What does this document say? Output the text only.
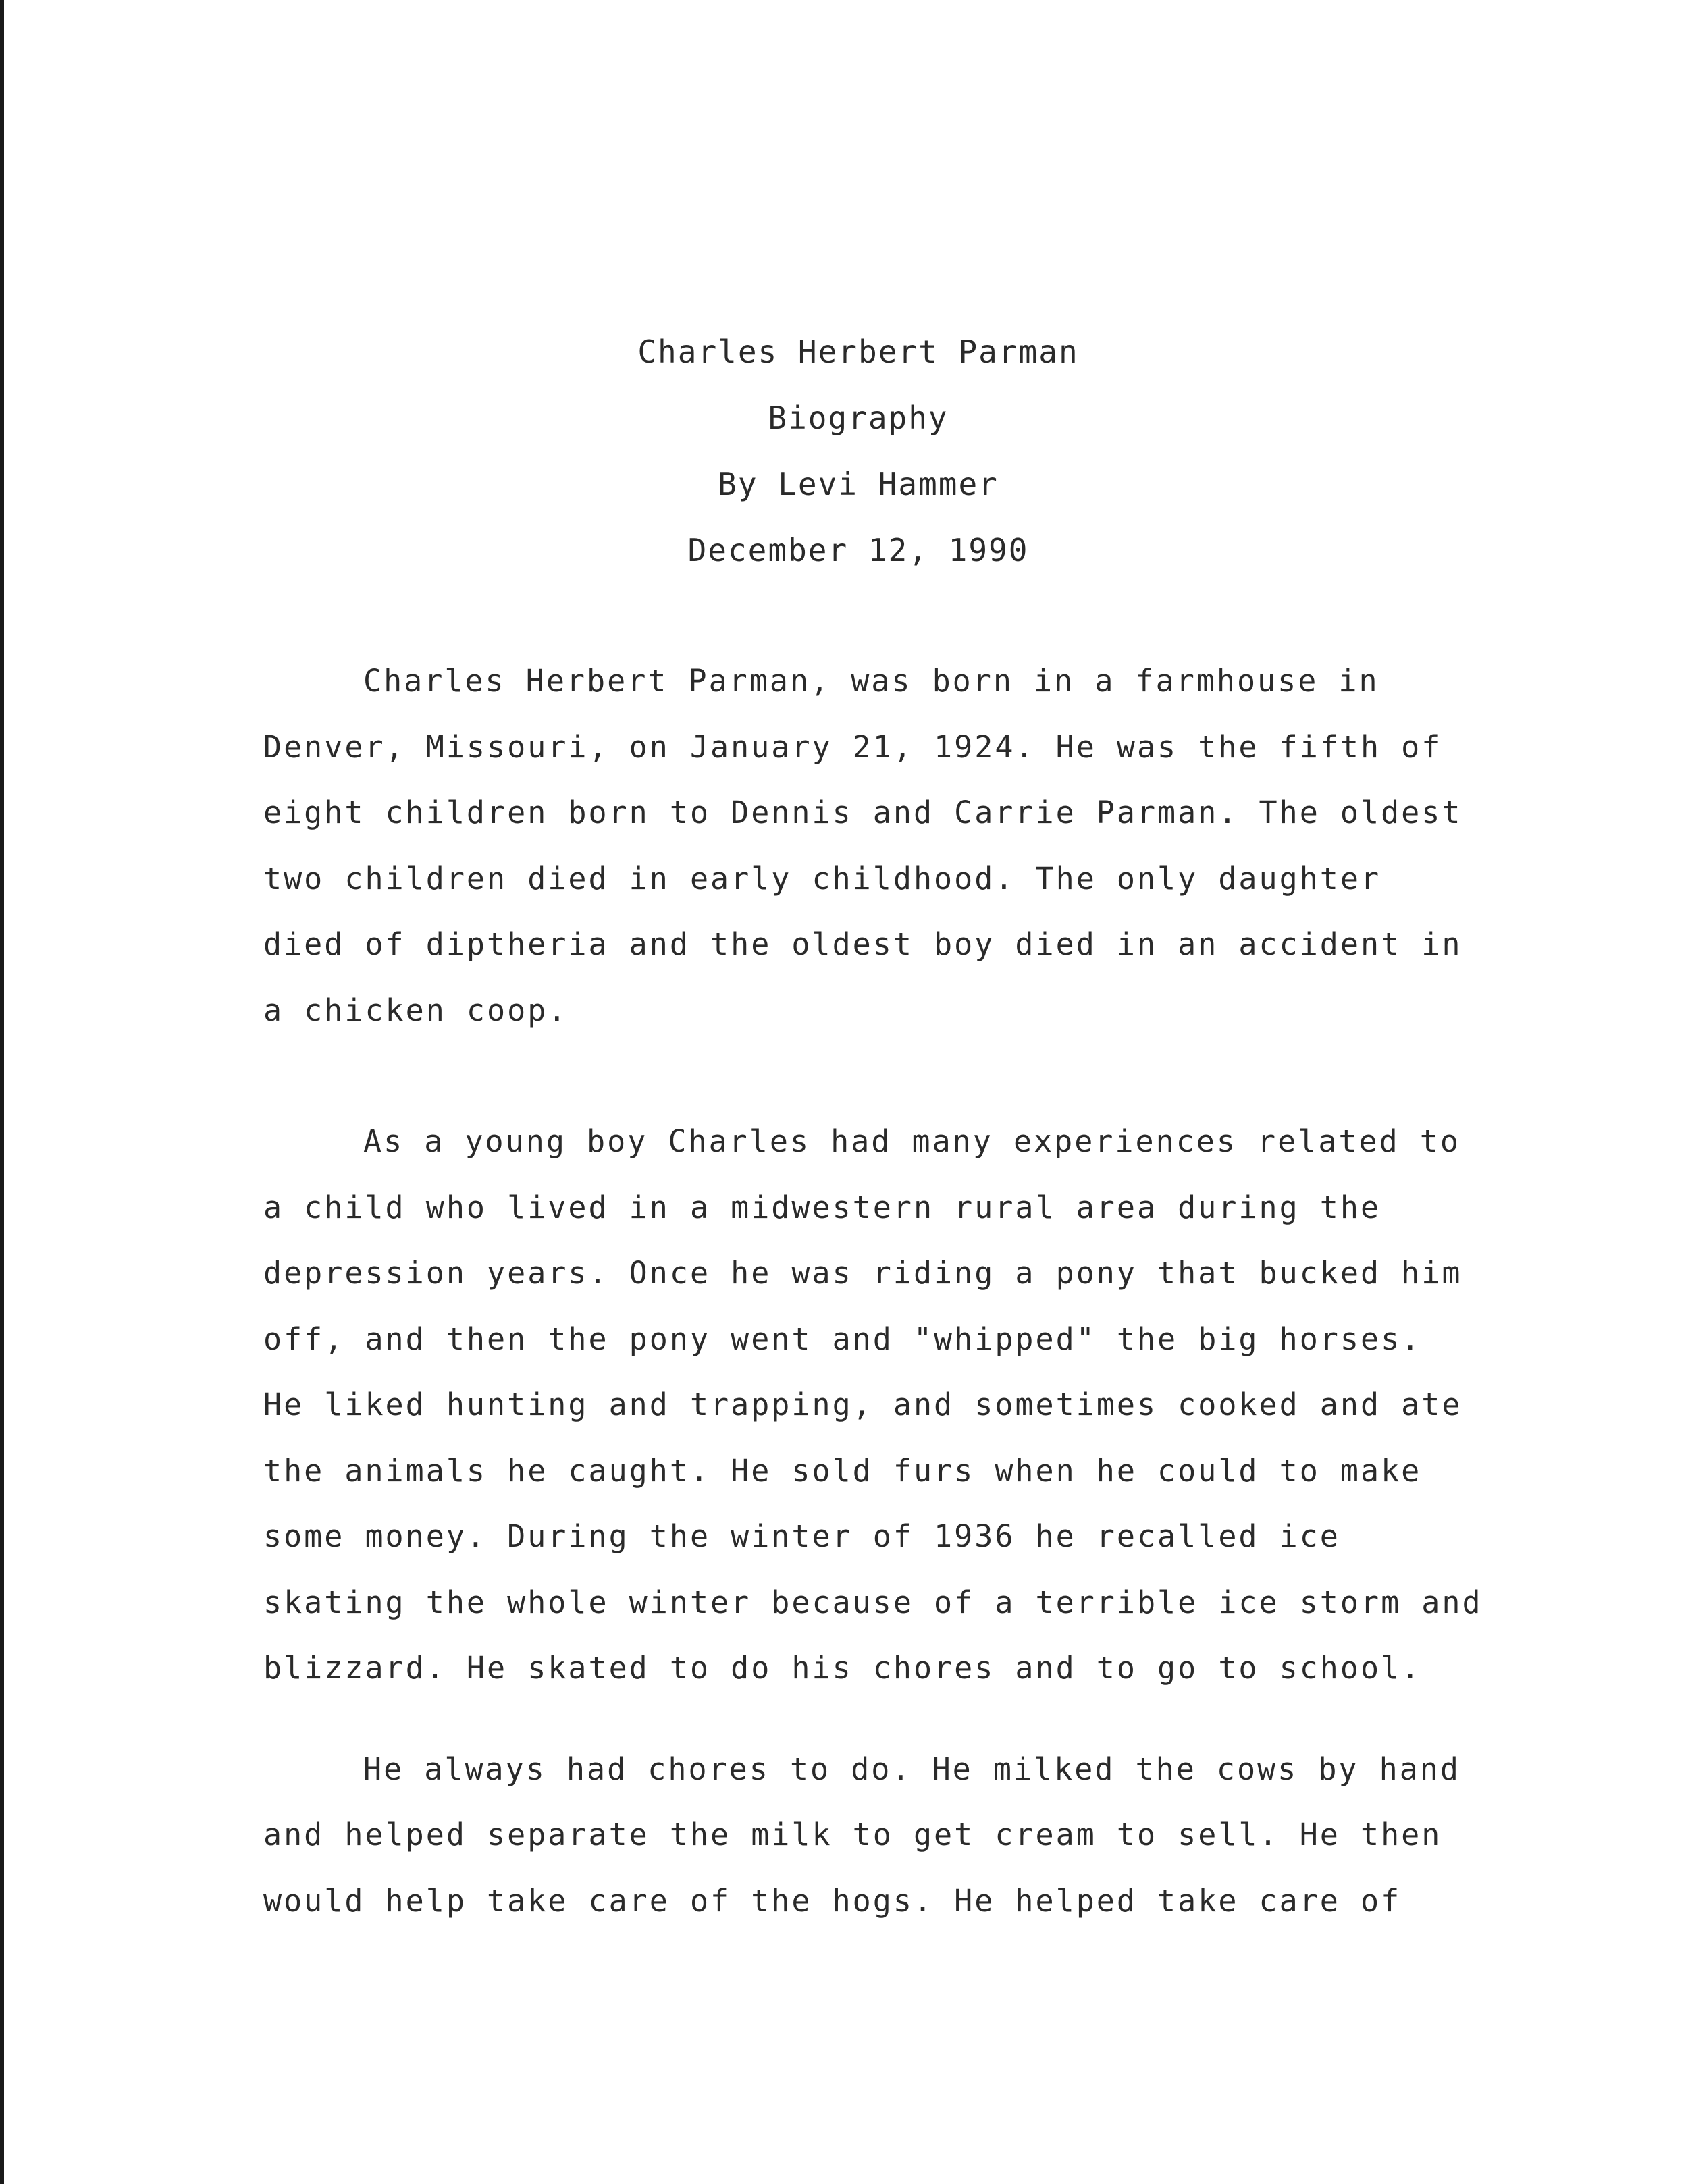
Charles Herbert Parman
Biography
By Levi Hammer
December 12, 1990

Charles Herbert Parman, was born in a farmhouse in
Denver, Missouri, on January 21, 1924. He was the fifth of
eight children born to Dennis and Carrie Parman. The oldest
two children died in early childhood. The only daughter
died of diptheria and the oldest boy died in an accident in
a chicken coop.

As a young boy Charles had many experiences related to
a child who lived in a midwestern rural area during the
depression years. Once he was riding a pony that bucked him
off, and then the pony went and "whipped" the big horses.
He liked hunting and trapping, and sometimes cooked and ate
the animals he caught. He sold furs when he could to make
some money. During the winter of 1936 he recalled ice
skating the whole winter because of a terrible ice storm and
blizzard. He skated to do his chores and to go to school.

He always had chores to do. He milked the cows by hand
and helped separate the milk to get cream to sell. He then
would help take care of the hogs. He helped take care of
